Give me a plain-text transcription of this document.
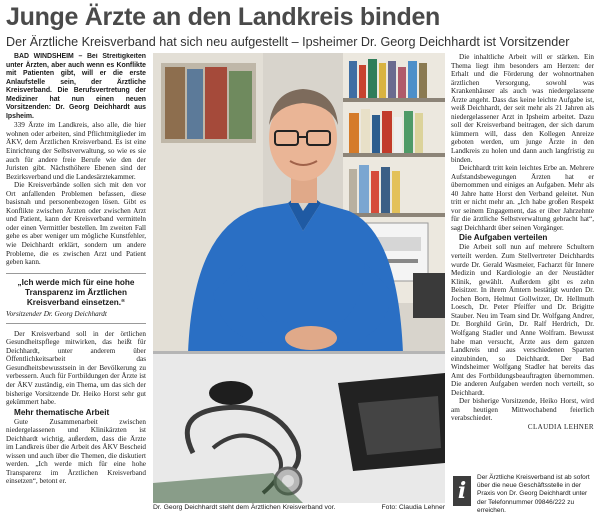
Junge Ärzte an den Landkreis binden
Der Ärztliche Kreisverband hat sich neu aufgestellt – Ipsheimer Dr. Georg Deichhardt ist Vorsitzender

BAD WINDSHEIM – Bei Streitigkeiten unter Ärzten, aber auch wenn es Konflikte mit Patienten gibt, will er die erste Anlaufstelle sein, der Ärztliche Kreisverband. Die Berufsvertretung der Mediziner hat nun einen neuen Vorsitzenden: Dr. Georg Deichhardt aus Ipsheim.

339 Ärzte im Landkreis, also alle, die hier wohnen oder arbeiten, sind Pflichtmitglieder im ÄKV, dem Ärztlichen Kreisverband. Es ist eine Einrichtung der Selbstverwaltung, so wie es sie auch für andere freie Berufe wie den der Juristen gibt. Nächsthöhere Ebenen sind der Bezirksverband und die Landesärztekammer.

Die Kreisverbände sollen sich mit den vor Ort anfallenden Problemen befassen, diese basisnah und personenbezogen lösen. Gibt es Konflikte zwischen Ärzten oder zwischen Arzt und Patient, kann der Kreisverband vermitteln oder einen Vermittler bestellen. Im zweiten Fall gehe es aber weniger um mögliche Kunstfehler, wie Deichhardt erklärt, sondern um andere Probleme, die es zwischen Arzt und Patient geben kann.

„Ich werde mich für eine hohe Transparenz im Ärztlichen Kreisverband einsetzen.“
Vorsitzender Dr. Georg Deichhardt

Der Kreisverband soll in der örtlichen Gesundheitspflege mitwirken, das heißt für Deichhardt, unter anderem über Öffentlichkeitsarbeit das Gesundheitsbewusstsein in der Bevölkerung zu verbessern. Auch für Fortbildungen der Ärzte ist der ÄKV zuständig, ein Thema, um das sich der bisherige Vorsitzende Dr. Heiko Horst sehr gut gekümmert habe.

Mehr thematische Arbeit

Gute Zusammenarbeit zwischen niedergelassenen und Klinikärzten ist Deichhardt wichtig, außerdem, dass die Ärzte im Landkreis über die Arbeit des ÄKV Bescheid wissen und auch über die Themen, die diskutiert werden. „Ich werde mich für eine hohe Transparenz im Ärztlichen Kreisverband einsetzen“, betont er.

Dr. Georg Deichhardt steht dem Ärztlichen Kreisverband vor.	Foto: Claudia Lehner

Die inhaltliche Arbeit will er stärken. Ein Thema liegt ihm besonders am Herzen: der Erhalt und die Förderung der wohnortnahen ärztlichen Versorgung, sowohl was Krankenhäuser als auch was niedergelassene Ärzte angeht. Dass das keine leichte Aufgabe ist, weiß Deichhardt, der seit mehr als 21 Jahren als niedergelassener Arzt in Ipsheim arbeitet. Dazu soll der Kreisverband beitragen, der sich darum kümmern will, dass den Kollegen Anreize geboten werden, um junge Ärzte in den Landkreis zu holen und dann auch langfristig zu binden.

Deichhardt tritt kein leichtes Erbe an. Mehrere Aufstandsbewegungen Ärzten hat er übernommen und einiges an Aufgaben. Mehr als 40 Jahre hatte Horst den Verband geleitet. Nun tritt er nicht mehr an. „Ich habe großen Respekt vor seinem Engagement, das er über Jahrzehnte für die ärztliche Selbstverwaltung gebracht hat“, sagt Deichhardt über seinen Vorgänger.

Die Aufgaben verteilen

Die Arbeit soll nun auf mehrere Schultern verteilt werden. Zum Stellvertreter Deichhardts wurde Dr. Gerald Wasmeier, Facharzt für Innere Medizin und Kardiologie an der Neustädter Klinik, gewählt. Außerdem gibt es zehn Beisitzer. In ihrem Ämtern bestätigt wurden Dr. Jochen Born, Helmut Gollwitzer, Dr. Hellmuth Loesch, Dr. Peter Pfeiffer und Dr. Brigitte Stauber. Neu im Team sind Dr. Wolfgang Andrer, Dr. Borghild Grün, Dr. Ralf Herdrich, Dr. Wolfgang Stadler und Anne Wolfram. Bewusst habe man versucht, Ärzte aus dem ganzen Landkreis und aus verschiedenen Sparten einzubinden, so Deichhardt. Der Bad Windsheimer Wolfgang Stadler hat bereits das Amt des Fortbildungsbeauftragten übernommen. Die anderen Aufgaben werden noch verteilt, so Deichhardt.

Der bisherige Vorsitzende, Heiko Horst, wird am heutigen Mittwochabend feierlich verabschiedet.

CLAUDIA LEHNER

i
Der Ärztliche Kreisverband ist ab sofort über die neue Geschäftsstelle in der Praxis von Dr. Georg Deichhardt unter der Telefonnummer 09846/222 zu erreichen.
